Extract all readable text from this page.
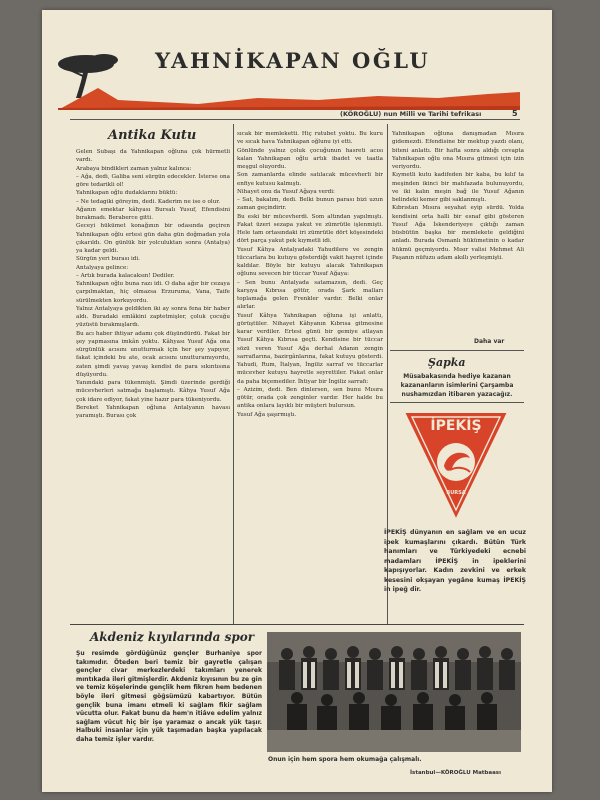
YAHNİKAPAN OĞLU
(KÖROĞLU) nun Milli ve Tarihi tefrikası	5
Antika Kutu

Gelen Subaşı da Yahnikapan oğluna çok hürmetli vardı.

Arabaya bindikleri zaman yalnız kalınca:

– Ağa, dedi, Galiba seni sürgün edecekler. İsterse ona göre tedarikli ol!

Yahnikapan oğlu dudaklarını büktü:

– Ne tedagiki göreyim, dedi. Kaderim ne ise o olur.

Ağanın emektar kâhyası Bursalı Yusuf, Efendisini bırakmadı. Beraberce gitti.

Geceyi hükümet konağının bir odasında geçiren Yahnikapan oğlu ertesi gün daha gün doğmadan yola çıkarıldı. On günlük bir yolculuktan sonra (Antalya) ya kadar geldi.

Sürgün yeri burası idi.

Antalyaya gelince:

– Artık burada kalacaksın! Dediler.

Yahnikapan oğlu buna razı idi. O daha ağır bir cezaya çarpılmaktan, hiç olmazsa Erzuruma, Vana, Taife sürülmekten korkuyordu.

Yalnız Antalyaya geldikten iki ay sonra fena bir haber aldı. Buradaki emlâkini zaptetmişler, çoluk çocuğu yüzüstü bırakmışlardı.

Bu acı haber ihtiyar adamı çok düşündürdü. Fakat bir şey yapmasına imkân yoktu. Kâhyası Yusuf Ağa ona sürgünlük acısını unutturmak için her şey yapıyor, fakat içindeki bu ate, ocak acısını unutturamıyordu, zaten şimdi yavaş yavaş kendisi de para sıkıntısına düşüyordu.

Yanındaki para tükenmişti. Şimdi üzerinde gerdiği mücevherleri satmağa başlamıştı. Kâhya Yusuf Ağa çok idare ediyor, fakat yine hazır para tükeniyordu.

Bereket Yahnikapan oğluna Antalyanın havası yaramıştı. Burası çok

sıcak bir memleketti. Hiç rutubet yoktu. Bu kuru ve sıcak hava Yahnikapan oğlunu iyi etti.

Gönlünde yalnız çoluk çocuğunun hasreti acısı kalan Yahnikapan oğlu artık ibadet ve taatla meşgul oluyordu.

Son zamanlarda elinde satılacak mücevherli bir enfiye kutusu kalmıştı.

Nihayet onu da Yusuf Ağaya verdi:

– Sat, bakalım, dedi. Belki bunun parası bizi uzun zaman geçindirir.

Bu eski bir mücevherdi. Som altından yapılmıştı. Fakat üzeri sezapa yakut ve zümrütle işlenmişti. Hele tam ortasındaki iri zümrütle dört köşesindeki dört parça yakut pek kıymetli idi.

Yusuf Kâhya Antalyadaki Yahudilere ve zengin tüccarlara bu kutuyu gösterdiği vakit hayret içinde kaldılar. Böyle bir kutuyu alacak Yahnikapan oğlunu sevecen bir tüccar Yusuf Ağaya:

– Sen bunu Antalyada satamazsın, dedi. Geç karşıya Kıbrısa götür, orada Şark malları toplamağa gelen Frenkler vardır. Belki onlar alırlar.

Yusuf Kâhya Yahnikapan oğluna işi anlattı, görüştüler. Nihayet Kâhyanın Kıbrısa gitmesine karar verdiler. Ertesi günü bir gemiye atlayan Yusuf Kâhya Kıbrısa geçti. Kendisine bir tüccar sözü veren Yusuf Ağa derhal Adanın zengin sarraflarına, bazirgânlarına, fakat kutuyu gösterdi. Yahudi, Rum, İtalyan, İngiliz sarraf ve tüccarlar mücevher kutuyu hayretle seyrettiler. Fakat onlar da paha biçemediler. İhtiyar bir İngiliz sarrafı:

– Azizim, dedi. Ben dinlersen, sen bunu Mısıra götür, orada çok zenginler vardır. Her halde bu antika onlara layıklı bir müşteri bulursun.

Yusuf Ağa şaşırmıştı.

Yahnikapan oğluna danışmadan Mısıra gidemezdi. Efendisine bir mektup yazdı olanı, biteni anlattı. Bir hafta sonra aldığı cevapta Yahnikapan oğlu ona Mısıra gitmesi için izin veriyordu.

Kıymetli kutu kadifeden bir kaba, bu kılıf ta meşinden ikinci bir mahfazada bulunuyordu, ve iki kalın meşin bağ ile Yusuf Ağanın belindeki kemer gibi saklanmıştı.

Kıbrıstan Mısıra seyahat eyip sürdü. Yolda kendisini orta halli bir esnaf gibi gösteren Yusuf Ağa İskenderiyeye çıktığı zaman büsbütün başka bir memlekete geldiğini anladı. Burada Osmanlı hükümetinin o kadar hükmü geçmiyordu. Mısır valisi Mehmet Ali Paşanın nüfuzu adam akıllı yerleşmişti.

Daha var
Şapka
Müsabakasında hediye kazanan kazananların isimlerini Çarşamba nushamızdan itibaren yazacağız.
İPEKİŞ
BURSA
İPEKİŞ dünyanın en sağlam ve en ucuz ipek kumaşlarını çıkardı. Bütün Türk hanımları ve Türkiyedeki ecnebi madamları İPEKİŞ in ipeklerini kapışıyorlar. Kadın zevkini ve erkek kesesini okşayan yegâne kumaş İPEKİŞ in ipeğ dir.
Akdeniz kıyılarında spor
Şu resimde gördüğünüz gençler Burhaniye spor takımıdır. Öteden beri temiz bir gayretle çalışan gençler civar merkezlerdeki takımları yenerek mıntıkada ileri gitmişlerdir. Akdeniz kıyısının bu ze gin ve temiz köşelerinde gençlik hem fikren hem bedenen böyle ileri gitmesi göğsümüzü kabartıyor. Bütün gençlik buna imanı etmeli ki sağlam fikir sağlam vücutta olur. Fakat bunu da hem'n itiâve edelim yalnız sağlam vücut hiç bir işe yaramaz o ancak yük taşır. Halbuki insanlar için yük taşımadan başka yapılacak daha temiz işler vardır.
Onun için hem spora hem okumağa çalışmalı.
İstanbul—KÖROĞLU Matbaası
